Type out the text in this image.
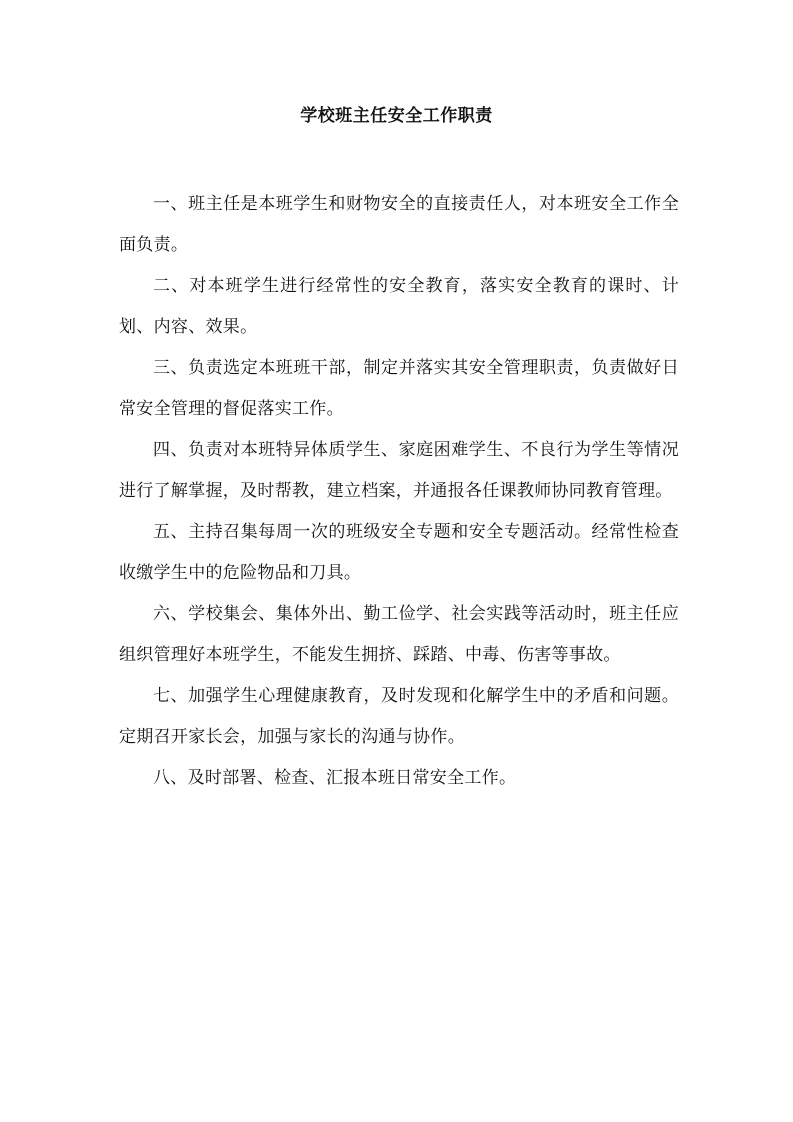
学校班主任安全工作职责

一、班主任是本班学生和财物安全的直接责任人，对本班安全工作全面负责。

二、对本班学生进行经常性的安全教育，落实安全教育的课时、计划、内容、效果。

三、负责选定本班班干部，制定并落实其安全管理职责，负责做好日常安全管理的督促落实工作。

四、负责对本班特异体质学生、家庭困难学生、不良行为学生等情况进行了解掌握，及时帮教，建立档案，并通报各任课教师协同教育管理。

五、主持召集每周一次的班级安全专题和安全专题活动。经常性检查收缴学生中的危险物品和刀具。

六、学校集会、集体外出、勤工俭学、社会实践等活动时，班主任应组织管理好本班学生，不能发生拥挤、踩踏、中毒、伤害等事故。

七、加强学生心理健康教育，及时发现和化解学生中的矛盾和问题。定期召开家长会，加强与家长的沟通与协作。

八、及时部署、检查、汇报本班日常安全工作。
